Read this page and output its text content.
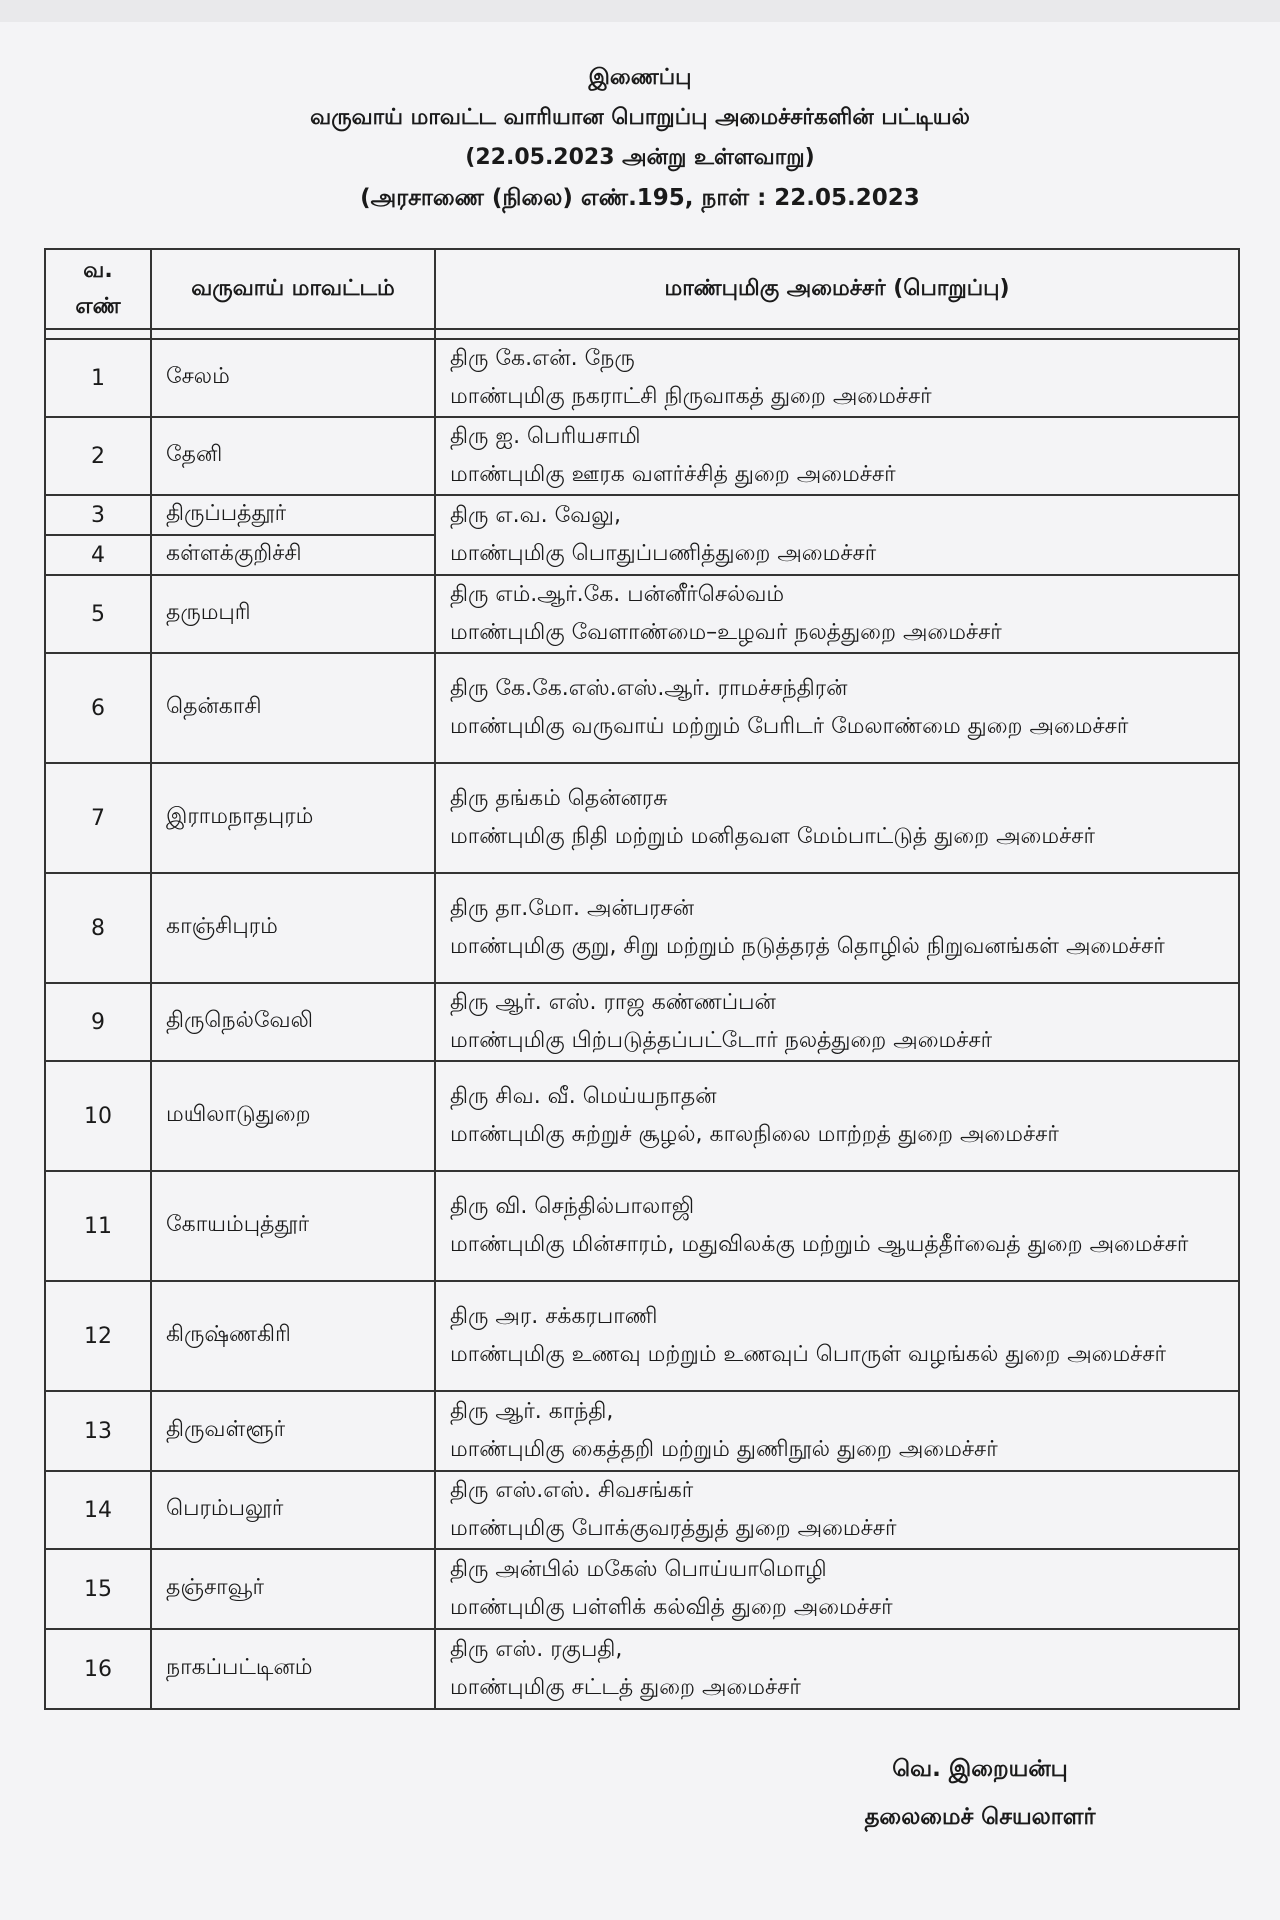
இணைப்பு
வருவாய் மாவட்ட வாரியான பொறுப்பு அமைச்சர்களின் பட்டியல்
(22.05.2023 அன்று உள்ளவாறு)
(அரசாணை (நிலை) எண்.195, நாள் : 22.05.2023
வ. எண்	வருவாய் மாவட்டம்	மாண்புமிகு அமைச்சர் (பொறுப்பு)

1	சேலம்	திரு கே.என். நேரு
மாண்புமிகு நகராட்சி நிருவாகத் துறை அமைச்சர்

2	தேனி	திரு ஐ. பெரியசாமி
மாண்புமிகு ஊரக வளர்ச்சித் துறை அமைச்சர்

3	திருப்பத்தூர்	திரு எ.வ. வேலு,
மாண்புமிகு பொதுப்பணித்துறை அமைச்சர்

4	கள்ளக்குறிச்சி	
5	தருமபுரி	திரு எம்.ஆர்.கே. பன்னீர்செல்வம்
மாண்புமிகு வேளாண்மை–உழவர் நலத்துறை அமைச்சர்

6	தென்காசி	திரு கே.கே.எஸ்.எஸ்.ஆர். ராமச்சந்திரன்
மாண்புமிகு வருவாய் மற்றும் பேரிடர் மேலாண்மை துறை அமைச்சர்

7	இராமநாதபுரம்	திரு தங்கம் தென்னரசு
மாண்புமிகு நிதி மற்றும் மனிதவள மேம்பாட்டுத் துறை அமைச்சர்

8	காஞ்சிபுரம்	திரு தா.மோ. அன்பரசன்
மாண்புமிகு குறு, சிறு மற்றும் நடுத்தரத் தொழில் நிறுவனங்கள் அமைச்சர்

9	திருநெல்வேலி	திரு ஆர். எஸ். ராஜ கண்ணப்பன்
மாண்புமிகு பிற்படுத்தப்பட்டோர் நலத்துறை அமைச்சர்

10	மயிலாடுதுறை	திரு சிவ. வீ. மெய்யநாதன்
மாண்புமிகு சுற்றுச் சூழல், காலநிலை மாற்றத் துறை அமைச்சர்

11	கோயம்புத்தூர்	திரு வி. செந்தில்பாலாஜி
மாண்புமிகு மின்சாரம், மதுவிலக்கு மற்றும் ஆயத்தீர்வைத் துறை அமைச்சர்

12	கிருஷ்ணகிரி	திரு அர. சக்கரபாணி
மாண்புமிகு உணவு மற்றும் உணவுப் பொருள் வழங்கல் துறை அமைச்சர்

13	திருவள்ளூர்	திரு ஆர். காந்தி,
மாண்புமிகு கைத்தறி மற்றும் துணிநூல் துறை அமைச்சர்

14	பெரம்பலூர்	திரு எஸ்.எஸ். சிவசங்கர்
மாண்புமிகு போக்குவரத்துத் துறை அமைச்சர்

15	தஞ்சாவூர்	திரு அன்பில் மகேஸ் பொய்யாமொழி
மாண்புமிகு பள்ளிக் கல்வித் துறை அமைச்சர்

16	நாகப்பட்டினம்	திரு எஸ். ரகுபதி,
மாண்புமிகு சட்டத் துறை அமைச்சர்
வெ. இறையன்பு
தலைமைச் செயலாளர்
